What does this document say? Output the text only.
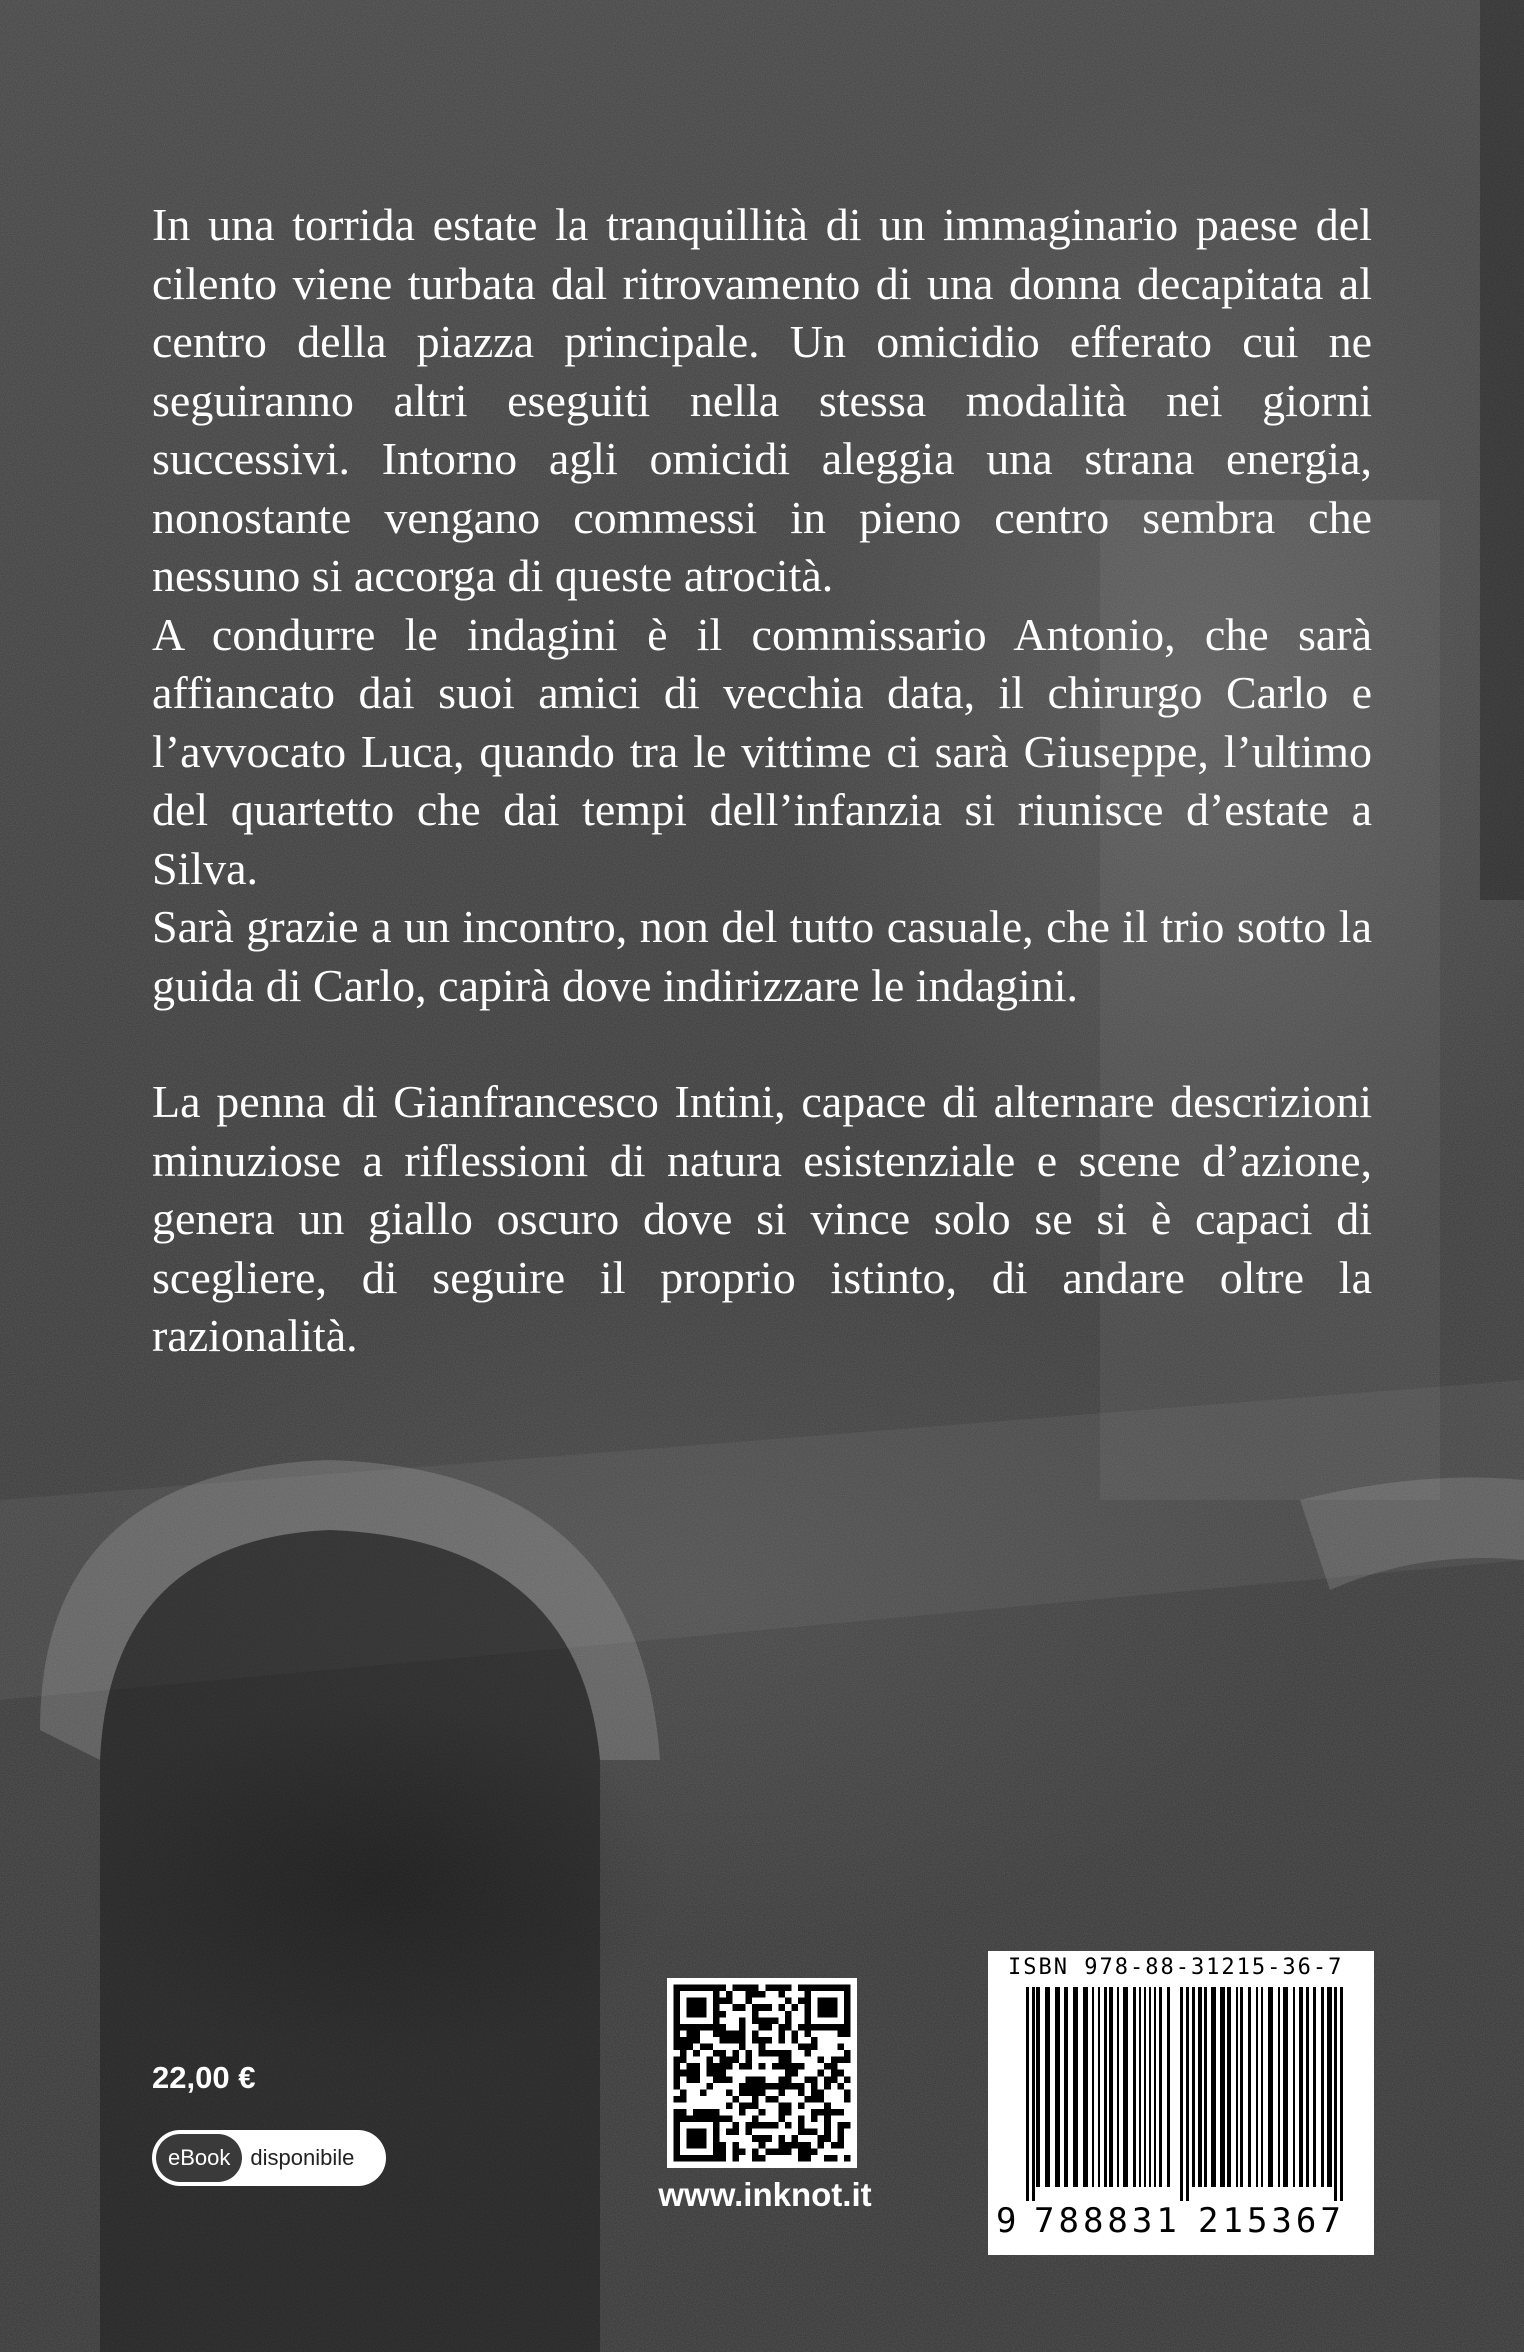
In una torrida estate la tranquillità di un immaginario paese del cilento viene turbata dal ritrovamento di una donna decapitata al centro della piazza principale. Un omicidio efferato cui ne seguiranno altri eseguiti nella stessa modalità nei giorni successivi. Intorno agli omicidi aleggia una strana energia, nonostante vengano commessi in pieno centro sembra che nessuno si accorga di queste atrocità.

A condurre le indagini è il commissario Antonio, che sarà affiancato dai suoi amici di vecchia data, il chirurgo Carlo e l’avvocato Luca, quando tra le vittime ci sarà Giuseppe, l’ultimo del quartetto che dai tempi dell’infanzia si riunisce d’estate a Silva.

Sarà grazie a un incontro, non del tutto casuale, che il trio sotto la guida di Carlo, capirà dove indirizzare le indagini.

La penna di Gianfrancesco Intini, capace di alternare descrizioni minuziose a riflessioni di natura esistenziale e scene d’azione, genera un giallo oscuro dove si vince solo se si è capaci di scegliere, di seguire il proprio istinto, di andare oltre la razionalità.

22,00 €
eBook disponibile
www.inknot.it
ISBN 978-88-31215-36-7
9 788831 215367
